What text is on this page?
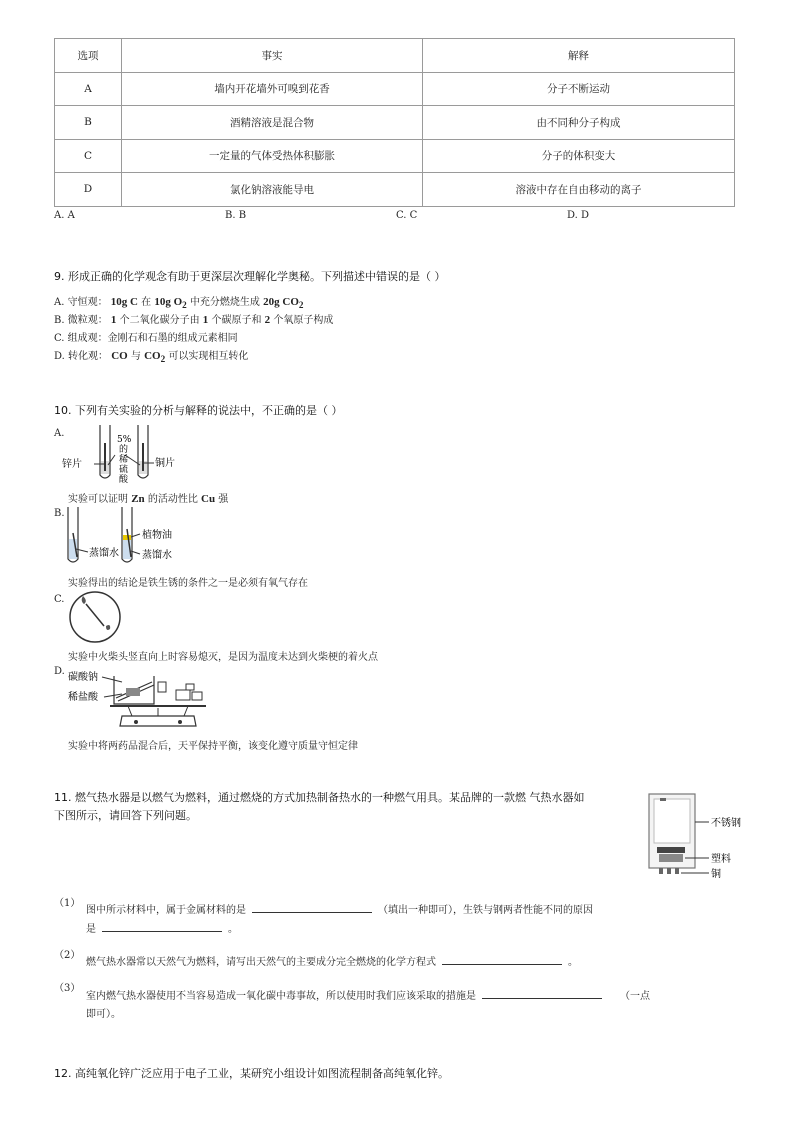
选项	事实	解释
A	墙内开花墙外可嗅到花香	分子不断运动
B	酒精溶液是混合物	由不同种分子构成
C	一定量的气体受热体积膨胀	分子的体积变大
D	氯化钠溶液能导电	溶液中存在自由移动的离子
A. A	B. B	C. C	D. D
9. 形成正确的化学观念有助于更深层次理解化学奥秘。下列描述中错误的是（ ）
A. 守恒观： 10g C 在 10g $O_2$ 中充分燃烧生成 20g $CO_2$
B. 微粒观： 1 个二氧化碳分子由 1 个碳原子和 2 个氧原子构成
C. 组成观：金刚石和石墨的组成元素相同
D. 转化观： CO 与 $CO_2$ 可以实现相互转化
10. 下列有关实验的分析与解释的说法中，不正确的是（ ）
A.
锌片	铜片
5%
的
稀
硫
酸
实验可以证明 Zn 的活动性比 Cu 强
B.
蒸馏水
植物油
蒸馏水
实验得出的结论是铁生锈的条件之一是必须有氧气存在
C.
实验中火柴头竖直向上时容易熄灭，是因为温度未达到火柴梗的着火点
D.
碳酸钠
稀盐酸
实验中将两药品混合后，天平保持平衡，该变化遵守质量守恒定律
11. 燃气热水器是以燃气为燃料，通过燃烧的方式加热制备热水的一种燃气用具。某品牌的一款燃 气热水器如
下图所示，请回答下列问题。
不锈钢
塑料
铜
（1）
图中所示材料中，属于金属材料的是	（填出一种即可），生铁与钢两者性能不同的原因
是	。
（2）
燃气热水器常以天然气为燃料，请写出天然气的主要成分完全燃烧的化学方程式	。
（3）
室内燃气热水器使用不当容易造成一氧化碳中毒事故，所以使用时我们应该采取的措施是	（一点
即可）。
12. 高纯氧化锌广泛应用于电子工业，某研究小组设计如图流程制备高纯氧化锌。
